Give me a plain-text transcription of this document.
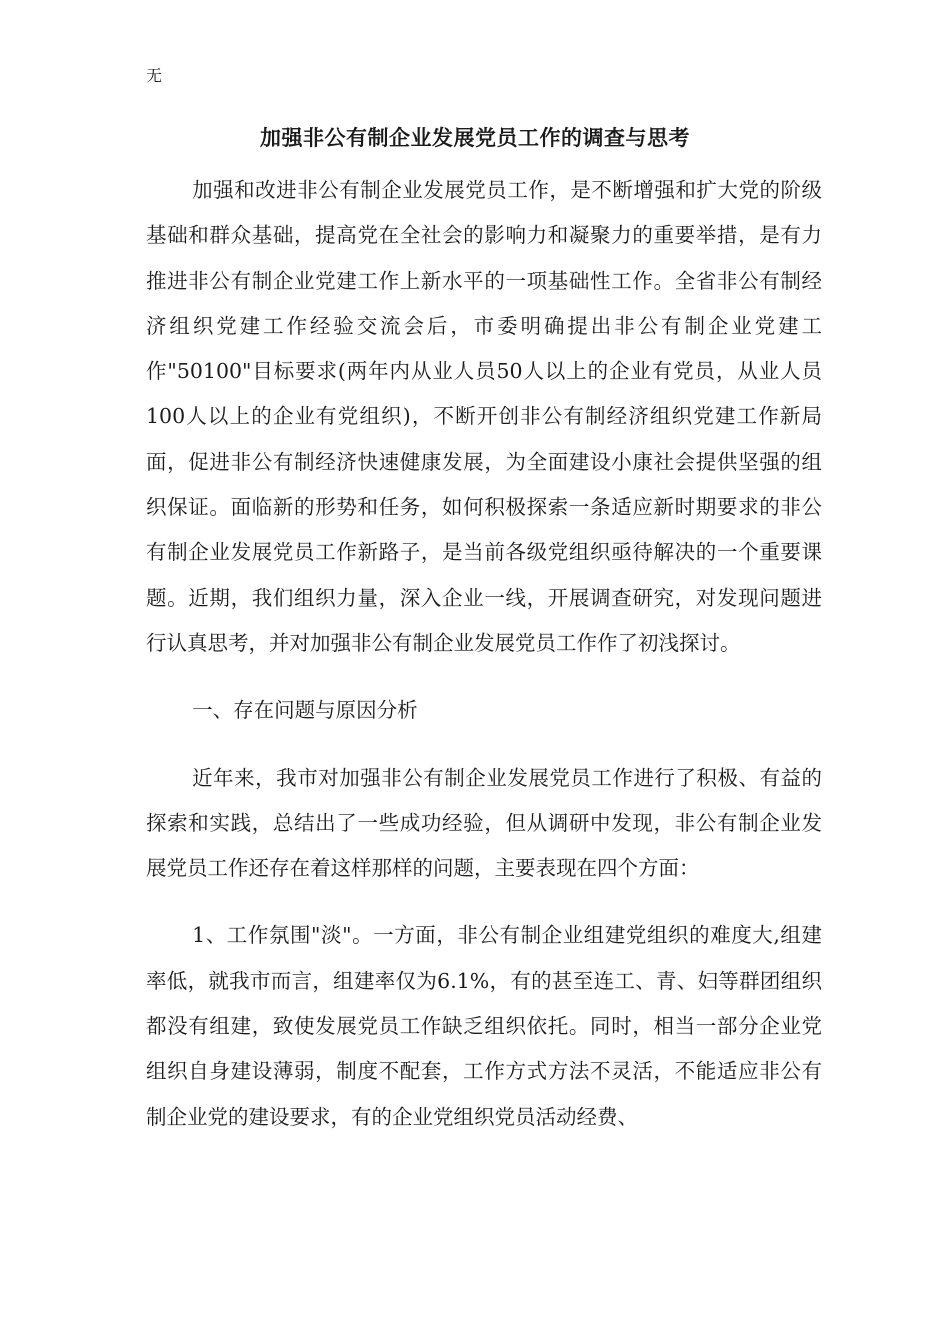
无
加强非公有制企业发展党员工作的调查与思考

加强和改进非公有制企业发展党员工作，是不断增强和扩大党的阶级基础和群众基础，提高党在全社会的影响力和凝聚力的重要举措，是有力推进非公有制企业党建工作上新水平的一项基础性工作。全省非公有制经济组织党建工作经验交流会后，市委明确提出非公有制企业党建工作"50100"目标要求(两年内从业人员50人以上的企业有党员，从业人员100人以上的企业有党组织)，不断开创非公有制经济组织党建工作新局面，促进非公有制经济快速健康发展，为全面建设小康社会提供坚强的组织保证。面临新的形势和任务，如何积极探索一条适应新时期要求的非公有制企业发展党员工作新路子，是当前各级党组织亟待解决的一个重要课题。近期，我们组织力量，深入企业一线，开展调查研究，对发现问题进行认真思考，并对加强非公有制企业发展党员工作作了初浅探讨。

一、存在问题与原因分析

近年来，我市对加强非公有制企业发展党员工作进行了积极、有益的探索和实践，总结出了一些成功经验，但从调研中发现，非公有制企业发展党员工作还存在着这样那样的问题，主要表现在四个方面：

1、工作氛围"淡"。一方面，非公有制企业组建党组织的难度大,组建率低，就我市而言，组建率仅为6.1%，有的甚至连工、青、妇等群团组织都没有组建，致使发展党员工作缺乏组织依托。同时，相当一部分企业党组织自身建设薄弱，制度不配套，工作方式方法不灵活，不能适应非公有制企业党的建设要求，有的企业党组织党员活动经费、
